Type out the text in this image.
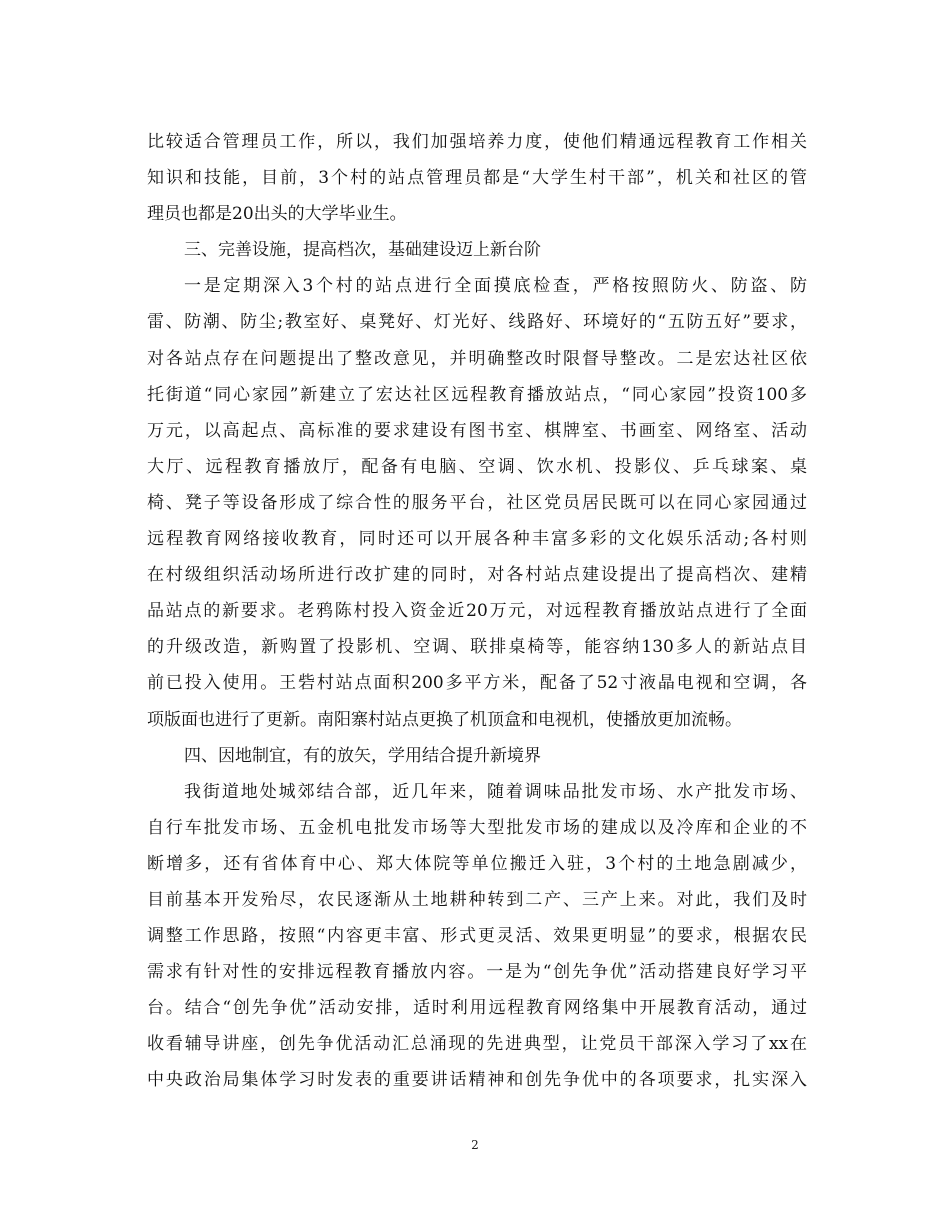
比较适合管理员工作，所以，我们加强培养力度，使他们精通远程教育工作相关
知识和技能，目前，3个村的站点管理员都是“大学生村干部”，机关和社区的管
理员也都是20出头的大学毕业生。
三、完善设施，提高档次，基础建设迈上新台阶
一是定期深入3个村的站点进行全面摸底检查，严格按照防火、防盗、防
雷、防潮、防尘;教室好、桌凳好、灯光好、线路好、环境好的“五防五好”要求，
对各站点存在问题提出了整改意见，并明确整改时限督导整改。二是宏达社区依
托街道“同心家园”新建立了宏达社区远程教育播放站点，“同心家园”投资100多
万元，以高起点、高标准的要求建设有图书室、棋牌室、书画室、网络室、活动
大厅、远程教育播放厅，配备有电脑、空调、饮水机、投影仪、乒乓球案、桌
椅、凳子等设备形成了综合性的服务平台，社区党员居民既可以在同心家园通过
远程教育网络接收教育，同时还可以开展各种丰富多彩的文化娱乐活动;各村则
在村级组织活动场所进行改扩建的同时，对各村站点建设提出了提高档次、建精
品站点的新要求。老鸦陈村投入资金近20万元，对远程教育播放站点进行了全面
的升级改造，新购置了投影机、空调、联排桌椅等，能容纳130多人的新站点目
前已投入使用。王砦村站点面积200多平方米，配备了52寸液晶电视和空调，各
项版面也进行了更新。南阳寨村站点更换了机顶盒和电视机，使播放更加流畅。
四、因地制宜，有的放矢，学用结合提升新境界
我街道地处城郊结合部，近几年来，随着调味品批发市场、水产批发市场、
自行车批发市场、五金机电批发市场等大型批发市场的建成以及冷库和企业的不
断增多，还有省体育中心、郑大体院等单位搬迁入驻，3个村的土地急剧减少，
目前基本开发殆尽，农民逐渐从土地耕种转到二产、三产上来。对此，我们及时
调整工作思路，按照“内容更丰富、形式更灵活、效果更明显”的要求，根据农民
需求有针对性的安排远程教育播放内容。一是为“创先争优”活动搭建良好学习平
台。结合“创先争优”活动安排，适时利用远程教育网络集中开展教育活动，通过
收看辅导讲座，创先争优活动汇总涌现的先进典型，让党员干部深入学习了xx在
中央政治局集体学习时发表的重要讲话精神和创先争优中的各项要求，扎实深入
2
